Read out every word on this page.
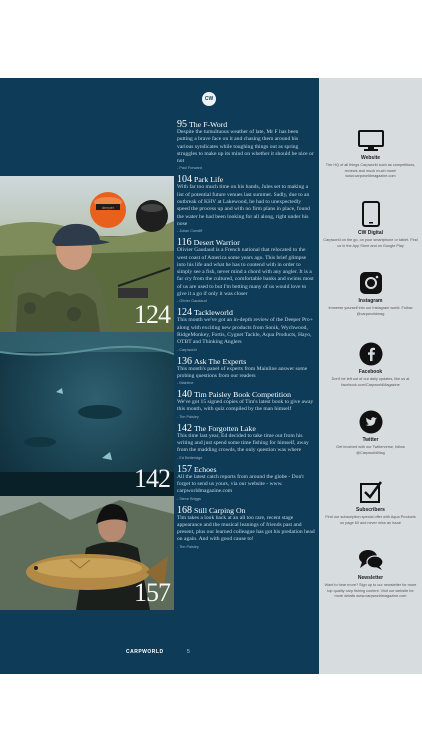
CW
deeper
124
142
157
95 The F-Word
Despite the tumultuous weather of late, Mr F has been putting a brave face on it and chasing them around his various syndicates while toughing things out as spring struggles to make up its mind on whether it should be nice or not
- Paul Forward
104 Park Life
With far too much time on his hands, Jules set to making a list of potential future venues last summer. Sadly, due to an outbreak of KHV at Lakewood, he had to unexpectedly speed the process up and with no firm plans in place, found the water he had been looking for all along, right under his nose
- Julian Cundiff
116 Desert Warrior
Olivier Gaudaud is a French national that relocated to the west coast of America some years ago. This brief glimpse into his life and what he has to contend with in order to simply see a fish, never mind a chord with any angler. It is a far cry from the cultured, comfortable banks and swims most of us are used to but I'm betting many of us would love to give it a go if only it was closer
- Olivier Gaudaud
124 Tackleworld
This month we've got an in-depth review of the Deeper Pro+ along with exciting new products from Sonik, Wychwood, RidgeMonkey, Fortis, Cygnet Tackle, Aqua Products, Hayo, OTBT and Thinking Anglers
- Carpworld
136 Ask The Experts
This month's panel of experts from Mainline answer some probing questions from our readers
- Mainline
140 Tim Paisley Book Competition
We've got 15 signed copies of Tim's latest book to give away this month, with quiz compiled by the man himself
- Tim Paisley
142 The Forgotten Lake
This time last year, Ed decided to take time out from his writing and just spend some time fishing for himself, away from the madding crowds, the only question was where
- Ed Betteridge
157 Echoes
All the latest catch reports from around the globe - Don't forget to send us yours, via our website - www. carpworldmagazine.com
- Steve Briggs
168 Still Carping On
Tim takes a look back at an all too rare, recent stage appearance and the musical leanings of friends past and present, plus our learned colleague has got his predation head on again. And with good cause to!
- Tim Paisley
CARPWORLD	5
Website
The HQ of all things Carpworld such as competitions, reviews and much much more! www.carpworldmagazine.com
CW Digital
Carpworld on the go, on your smartphone or tablet. Find us in the App Store and on Google Play
Instagram
Immerse yourself into our Instagram world. Follow @carpworldmag
Facebook
Don't be left out of our daily updates, like us at facebook.com/CarpworldMagazine
Twitter
Get involved with our Twitterverse, follow @CarpworldMag
Subscribers
Find our subscription special offer with Aqua Products on page 60 and never miss an issue
Newsletter
Want to hear more? Sign up to our newsletter for more top quality carp fishing content. Visit our website for more details www.carpworldmagazine.com
